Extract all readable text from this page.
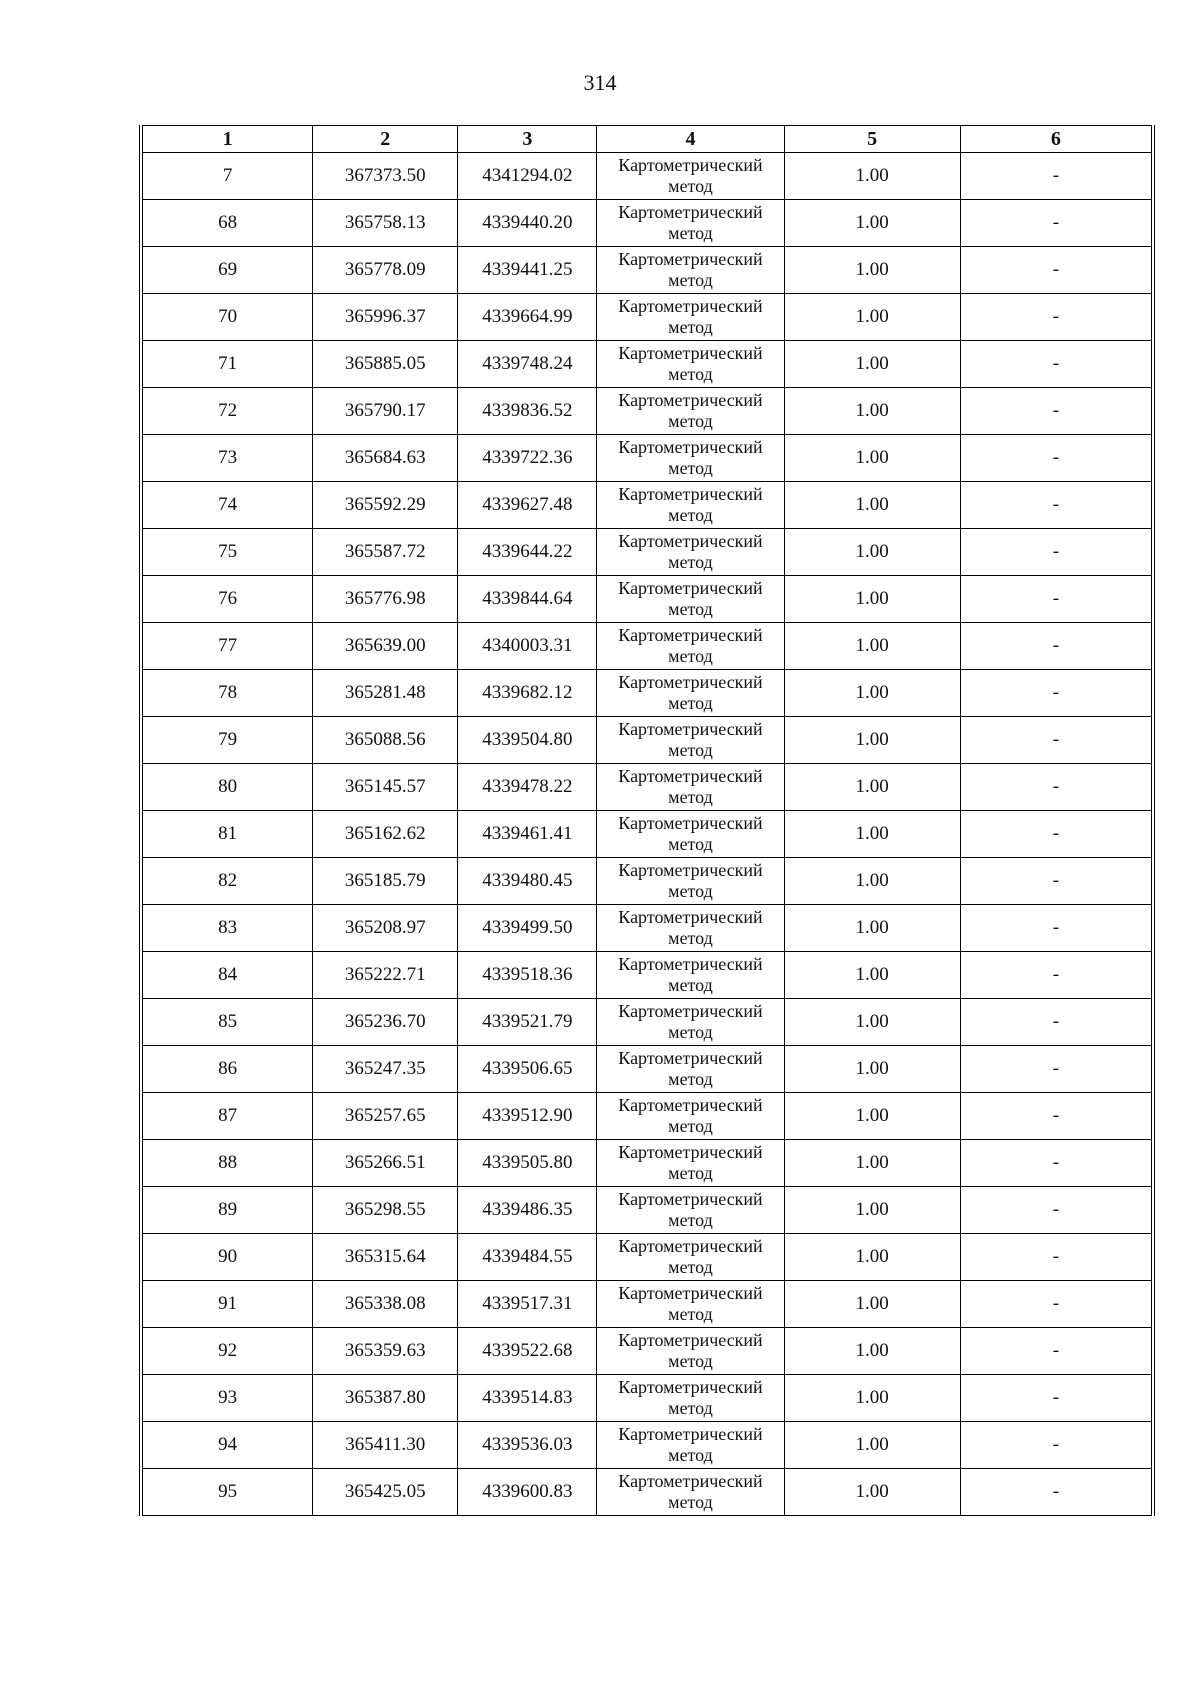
314
1	2	3	4	5	6
7	367373.50	4341294.02	Картометрический метод	1.00	-
68	365758.13	4339440.20	Картометрический метод	1.00	-
69	365778.09	4339441.25	Картометрический метод	1.00	-
70	365996.37	4339664.99	Картометрический метод	1.00	-
71	365885.05	4339748.24	Картометрический метод	1.00	-
72	365790.17	4339836.52	Картометрический метод	1.00	-
73	365684.63	4339722.36	Картометрический метод	1.00	-
74	365592.29	4339627.48	Картометрический метод	1.00	-
75	365587.72	4339644.22	Картометрический метод	1.00	-
76	365776.98	4339844.64	Картометрический метод	1.00	-
77	365639.00	4340003.31	Картометрический метод	1.00	-
78	365281.48	4339682.12	Картометрический метод	1.00	-
79	365088.56	4339504.80	Картометрический метод	1.00	-
80	365145.57	4339478.22	Картометрический метод	1.00	-
81	365162.62	4339461.41	Картометрический метод	1.00	-
82	365185.79	4339480.45	Картометрический метод	1.00	-
83	365208.97	4339499.50	Картометрический метод	1.00	-
84	365222.71	4339518.36	Картометрический метод	1.00	-
85	365236.70	4339521.79	Картометрический метод	1.00	-
86	365247.35	4339506.65	Картометрический метод	1.00	-
87	365257.65	4339512.90	Картометрический метод	1.00	-
88	365266.51	4339505.80	Картометрический метод	1.00	-
89	365298.55	4339486.35	Картометрический метод	1.00	-
90	365315.64	4339484.55	Картометрический метод	1.00	-
91	365338.08	4339517.31	Картометрический метод	1.00	-
92	365359.63	4339522.68	Картометрический метод	1.00	-
93	365387.80	4339514.83	Картометрический метод	1.00	-
94	365411.30	4339536.03	Картометрический метод	1.00	-
95	365425.05	4339600.83	Картометрический метод	1.00	-
